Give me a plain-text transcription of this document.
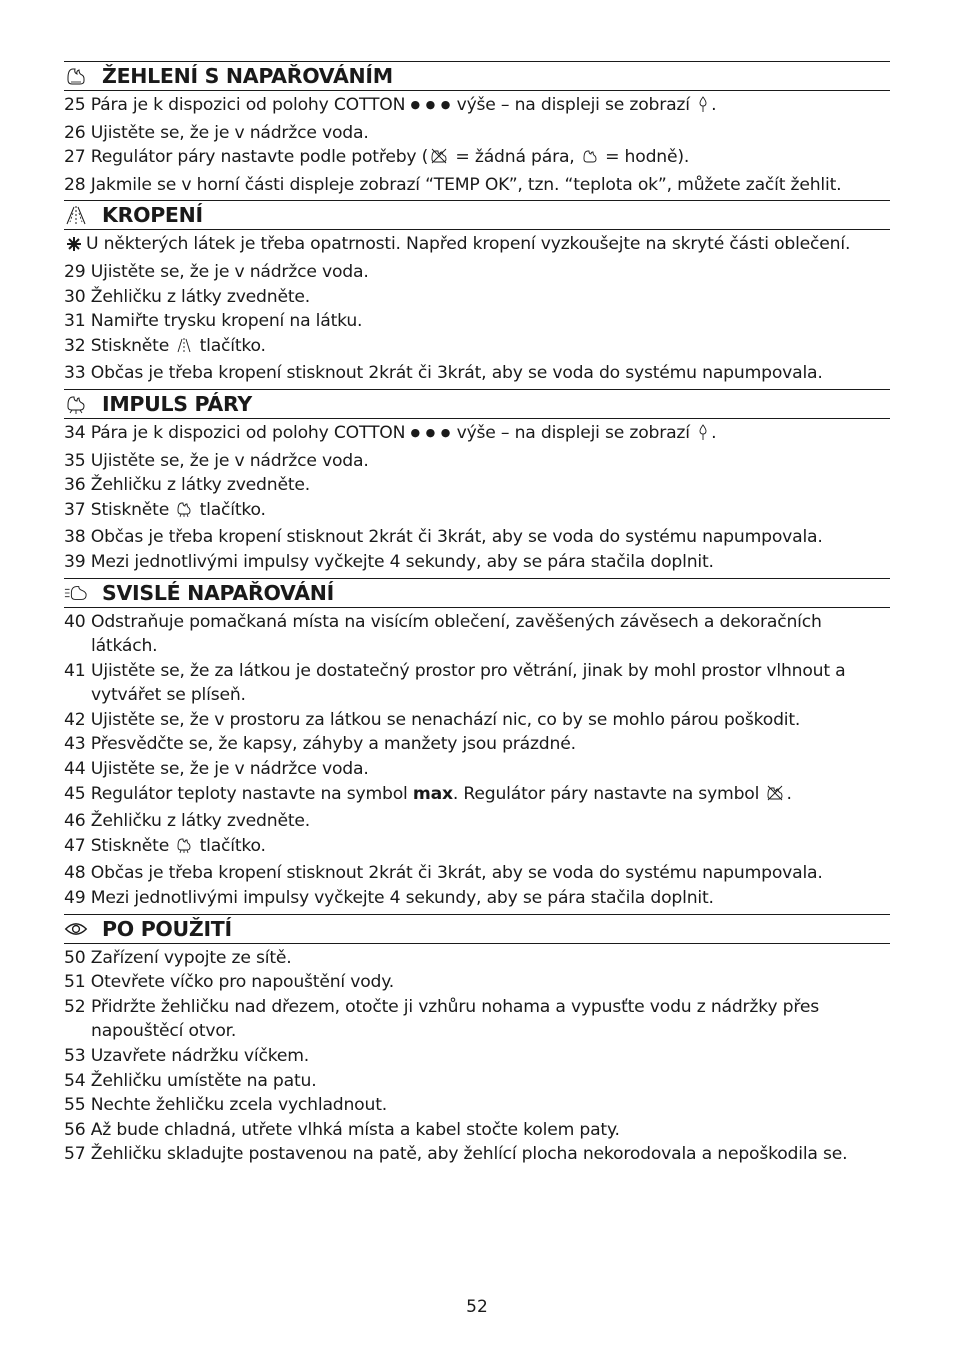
ŽEHLENÍ S NAPAŘOVÁNÍM
25
Pára je k dispozici od polohy COTTON ● ● ● výše – na displeji se zobrazí .
26
Ujistěte se, že je v nádržce voda.
27
Regulátor páry nastavte podle potřeby ( = žádná pára,  = hodně).
28
Jakmile se v horní části displeje zobrazí “TEMP OK”, tzn. “teplota ok”, můžete začít žehlit.
KROPENÍ
U některých látek je třeba opatrnosti. Napřed kropení vyzkoušejte na skryté části oblečení.
29
Ujistěte se, že je v nádržce voda.
30
Žehličku z látky zvedněte.
31
Namiřte trysku kropení na látku.
32
Stiskněte  tlačítko.
33
Občas je třeba kropení stisknout 2krát či 3krát, aby se voda do systému napumpovala.
IMPULS PÁRY
34
Pára je k dispozici od polohy COTTON ● ● ● výše – na displeji se zobrazí .
35
Ujistěte se, že je v nádržce voda.
36
Žehličku z látky zvedněte.
37
Stiskněte  tlačítko.
38
Občas je třeba kropení stisknout 2krát či 3krát, aby se voda do systému napumpovala.
39
Mezi jednotlivými impulsy vyčkejte 4 sekundy, aby se pára stačila doplnit.
SVISLÉ NAPAŘOVÁNÍ
40 Odstraňuje pomačkaná místa na visícím oblečení, zavěšených závěsech a dekoračních látkách.
41 Ujistěte se, že za látkou je dostatečný prostor pro větrání, jinak by mohl prostor vlhnout a vytvářet se plíseň.
42
Ujistěte se, že v prostoru za látkou se nenachází nic, co by se mohlo párou poškodit.
43
Přesvědčte se, že kapsy, záhyby a manžety jsou prázdné.
44
Ujistěte se, že je v nádržce voda.
45
Regulátor teploty nastavte na symbol max. Regulátor páry nastavte na symbol .
46
Žehličku z látky zvedněte.
47
Stiskněte  tlačítko.
48
Občas je třeba kropení stisknout 2krát či 3krát, aby se voda do systému napumpovala.
49
Mezi jednotlivými impulsy vyčkejte 4 sekundy, aby se pára stačila doplnit.
PO POUŽITÍ
50
Zařízení vypojte ze sítě.
51
Otevřete víčko pro napouštění vody.
52 Přidržte žehličku nad dřezem, otočte ji vzhůru nohama a vypusťte vodu z nádržky přes napouštěcí otvor.
53
Uzavřete nádržku víčkem.
54
Žehličku umístěte na patu.
55
Nechte žehličku zcela vychladnout.
56
Až bude chladná, utřete vlhká místa a kabel stočte kolem paty.
57
Žehličku skladujte postavenou na patě, aby žehlící plocha nekorodovala a nepoškodila se.
52
